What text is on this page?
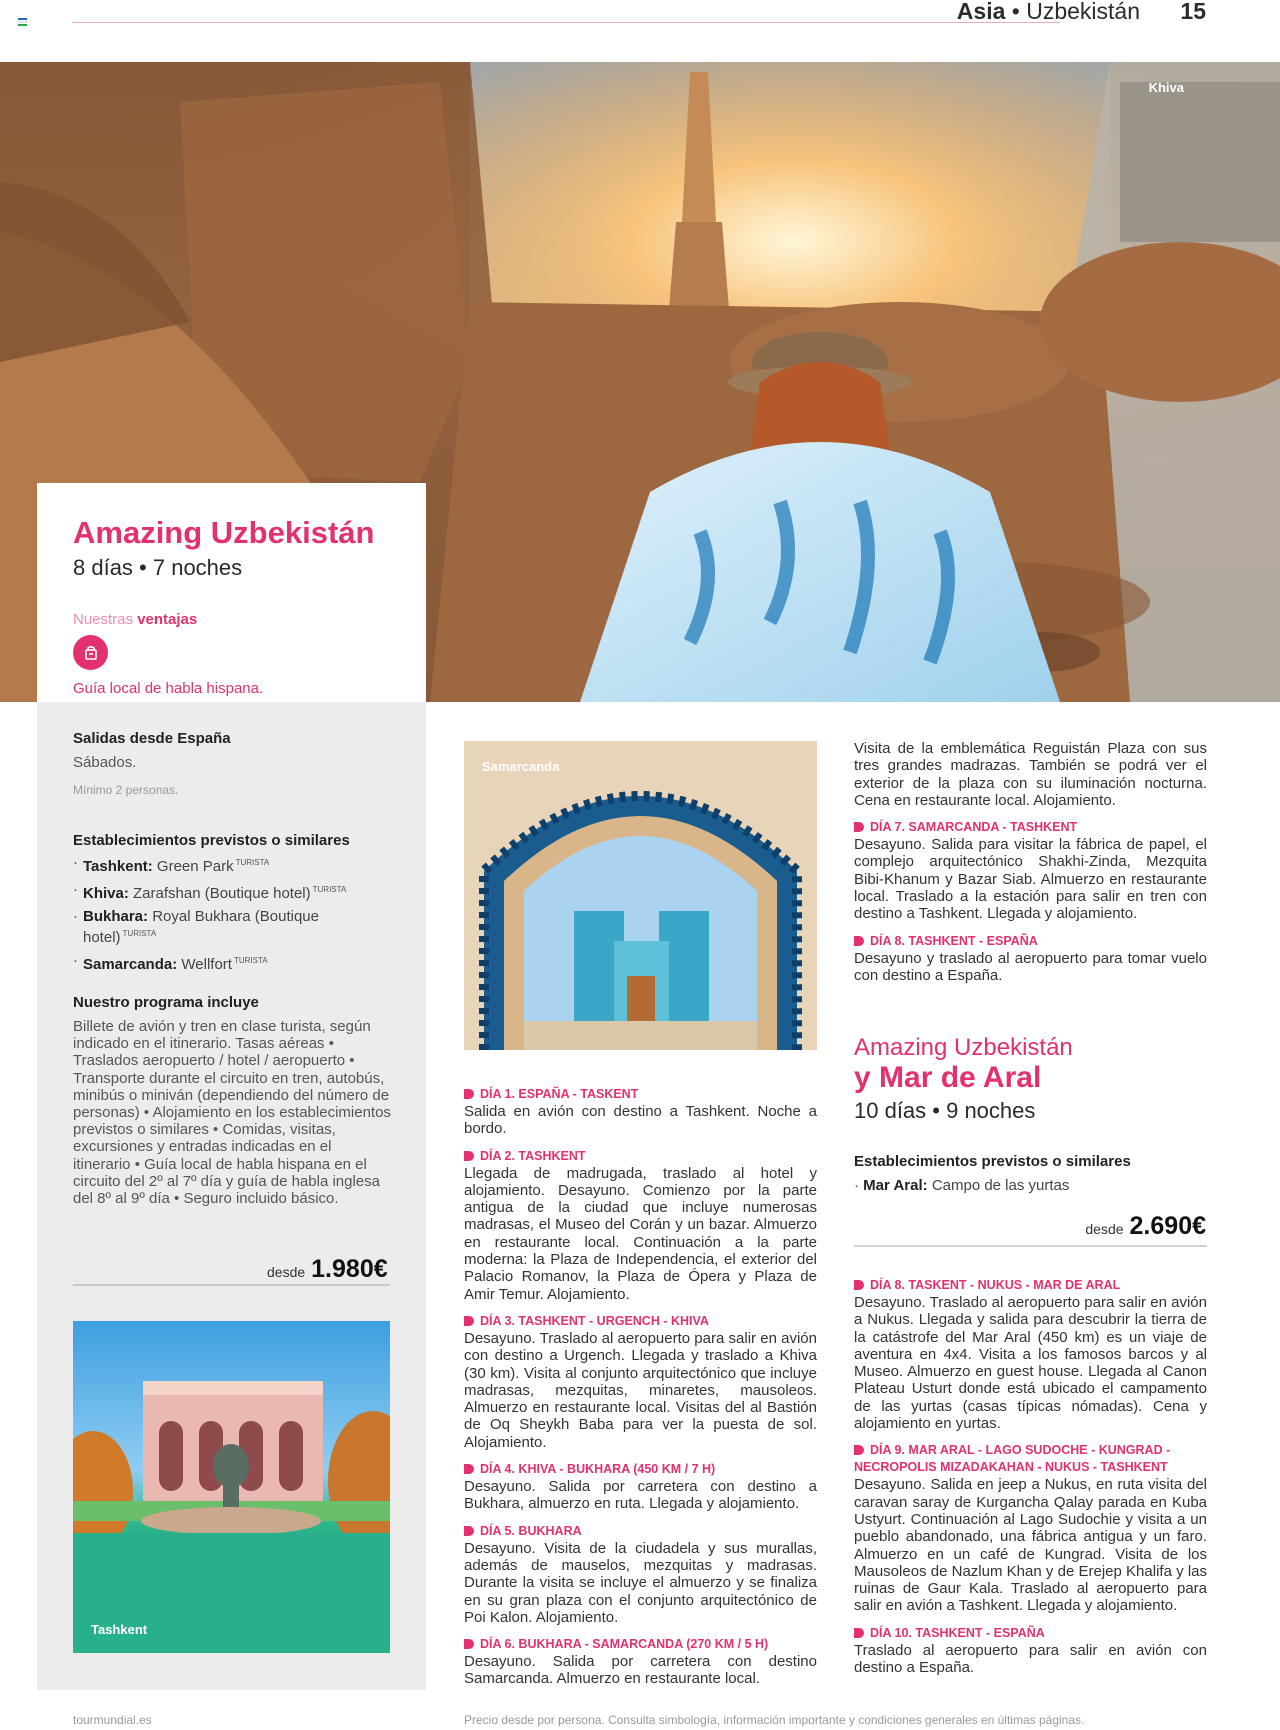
Asia • Uzbekistán 15
Khiva
Amazing Uzbekistán
8 días • 7 noches
Nuestras ventajas
Guía local de habla hispana.
Salidas desde España
Sábados.
Mínimo 2 personas.
Establecimientos previstos o similares
· Tashkent: Green Park $^{TURISTA}$
· Khiva: Zarafshan (Boutique hotel) $^{TURISTA}$
· Bukhara: Royal Bukhara (Boutique hotel) $^{TURISTA}$
· Samarcanda: Wellfort $^{TURISTA}$
Nuestro programa incluye
Billete de avión y tren en clase turista, según indicado en el itinerario. Tasas aéreas • Traslados aeropuerto / hotel / aeropuerto • Transporte durante el circuito en tren, autobús, minibús o miniván (dependiendo del número de personas) • Alojamiento en los establecimientos previstos o similares • Comidas, visitas, excursiones y entradas indicadas en el itinerario • Guía local de habla hispana en el circuito del 2º al 7º día y guía de habla inglesa del 8º al 9º día • Seguro incluido básico.
desde 1.980€
Tashkent
Samarcanda
DÍA 1. ESPAÑA - TASKENT

Salida en avión con destino a Tashkent. Noche a bordo.

DÍA 2. TASHKENT

Llegada de madrugada, traslado al hotel y alojamiento. Desayuno. Comienzo por la parte antigua de la ciudad que incluye numerosas madrasas, el Museo del Corán y un bazar. Almuerzo en restaurante local. Continuación a la parte moderna: la Plaza de Independencia, el exterior del Palacio Romanov, la Plaza de Ópera y Plaza de Amir Temur. Alojamiento.

DÍA 3. TASHKENT - URGENCH - KHIVA

Desayuno. Traslado al aeropuerto para salir en avión con destino a Urgench. Llegada y traslado a Khiva (30 km). Visita al conjunto arquitectónico que incluye madrasas, mezquitas, minaretes, mausoleos. Almuerzo en restaurante local. Visitas del al Bastión de Oq Sheykh Baba para ver la puesta de sol. Alojamiento.

DÍA 4. KHIVA - BUKHARA (450 KM / 7 H)

Desayuno. Salida por carretera con destino a Bukhara, almuerzo en ruta. Llegada y alojamiento.

DÍA 5. BUKHARA

Desayuno. Visita de la ciudadela y sus murallas, además de mauselos, mezquitas y madrasas. Durante la visita se incluye el almuerzo y se finaliza en su gran plaza con el conjunto arquitectónico de Poi Kalon. Alojamiento.

DÍA 6. BUKHARA - SAMARCANDA (270 KM / 5 H)

Desayuno. Salida por carretera con destino Samarcanda. Almuerzo en restaurante local.

Visita de la emblemática Reguistán Plaza con sus tres grandes madrazas. También se podrá ver el exterior de la plaza con su iluminación nocturna. Cena en restaurante local. Alojamiento.

DÍA 7. SAMARCANDA - TASHKENT

Desayuno. Salida para visitar la fábrica de papel, el complejo arquitectónico Shakhi-Zinda, Mezquita Bibi-Khanum y Bazar Siab. Almuerzo en restaurante local. Traslado a la estación para salir en tren con destino a Tashkent. Llegada y alojamiento.

DÍA 8. TASHKENT - ESPAÑA

Desayuno y traslado al aeropuerto para tomar vuelo con destino a España.

Amazing Uzbekistán
y Mar de Aral
10 días • 9 noches
Establecimientos previstos o similares
· Mar Aral: Campo de las yurtas
desde 2.690€
DÍA 8. TASKENT - NUKUS - MAR DE ARAL

Desayuno. Traslado al aeropuerto para salir en avión a Nukus. Llegada y salida para descubrir la tierra de la catástrofe del Mar Aral (450 km) es un viaje de aventura en 4x4. Visita a los famosos barcos y al Museo. Almuerzo en guest house. Llegada al Canon Plateau Usturt donde está ubicado el campamento de las yurtas (casas típicas nómadas). Cena y alojamiento en yurtas.

DÍA 9. MAR ARAL - LAGO SUDOCHE - KUNGRAD - NECROPOLIS MIZADAKAHAN - NUKUS - TASHKENT

Desayuno. Salida en jeep a Nukus, en ruta visita del caravan saray de Kurgancha Qalay parada en Kuba Ustyurt. Continuación al Lago Sudochie y visita a un pueblo abandonado, una fábrica antigua y un faro. Almuerzo en un café de Kungrad. Visita de los Mausoleos de Nazlum Khan y de Erejep Khalifa y las ruinas de Gaur Kala. Traslado al aeropuerto para salir en avión a Tashkent. Llegada y alojamiento.

DÍA 10. TASHKENT - ESPAÑA

Traslado al aeropuerto para salir en avión con destino a España.

tourmundial.es	Precio desde por persona. Consulta simbología, información importante y condiciones generales en últimas páginas.
